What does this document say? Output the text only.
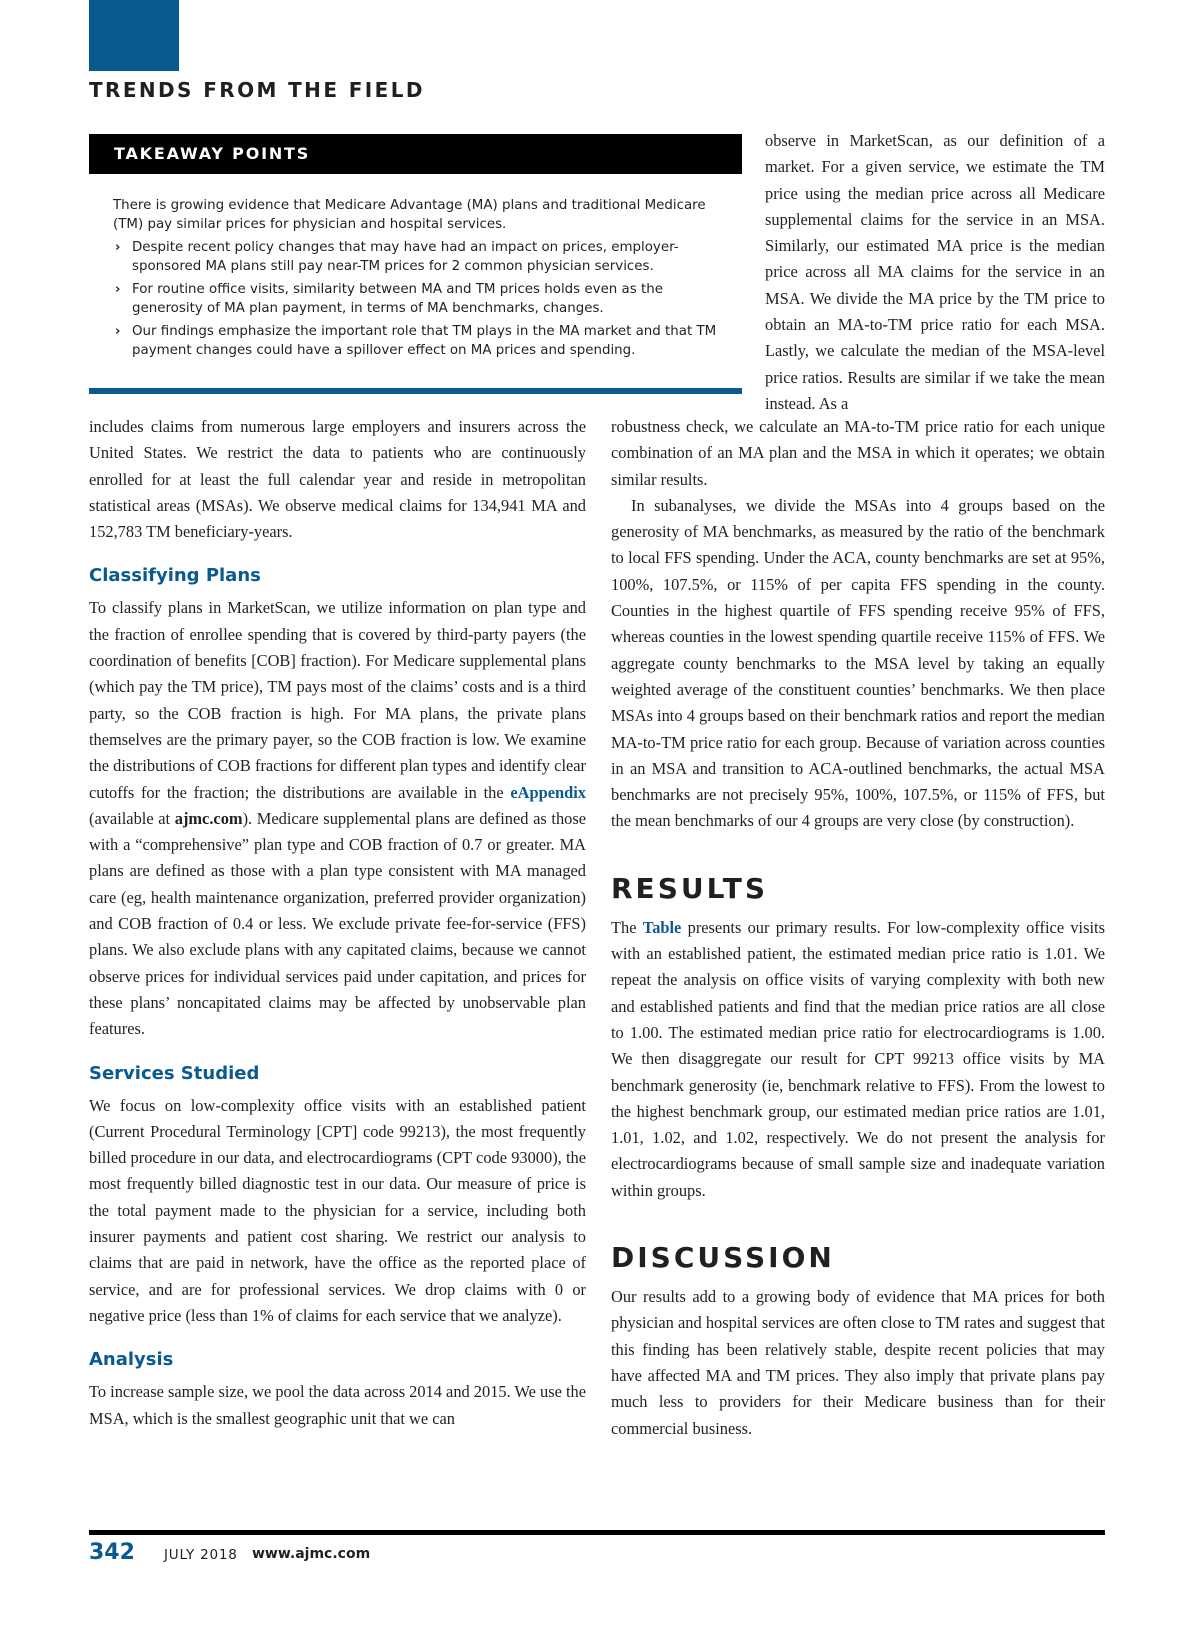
TRENDS FROM THE FIELD
TAKEAWAY POINTS

There is growing evidence that Medicare Advantage (MA) plans and traditional Medicare (TM) pay similar prices for physician and hospital services.

› Despite recent policy changes that may have had an impact on prices, employer-sponsored MA plans still pay near-TM prices for 2 common physician services.
› For routine office visits, similarity between MA and TM prices holds even as the generosity of MA plan payment, in terms of MA benchmarks, changes.
› Our findings emphasize the important role that TM plays in the MA market and that TM payment changes could have a spillover effect on MA prices and spending.

observe in MarketScan, as our definition of a market. For a given service, we estimate the TM price using the median price across all Medicare supplemental claims for the service in an MSA. Similarly, our estimated MA price is the median price across all MA claims for the service in an MSA. We divide the MA price by the TM price to obtain an MA-to-TM price ratio for each MSA. Lastly, we calculate the median of the MSA-level price ratios. Results are similar if we take the mean instead. As a

includes claims from numerous large employers and insurers across the United States. We restrict the data to patients who are continuously enrolled for at least the full calendar year and reside in metropolitan statistical areas (MSAs). We observe medical claims for 134,941 MA and 152,783 TM beneficiary-years.

Classifying Plans

To classify plans in MarketScan, we utilize information on plan type and the fraction of enrollee spending that is covered by third-party payers (the coordination of benefits [COB] fraction). For Medicare supplemental plans (which pay the TM price), TM pays most of the claims’ costs and is a third party, so the COB fraction is high. For MA plans, the private plans themselves are the primary payer, so the COB fraction is low. We examine the distributions of COB fractions for different plan types and identify clear cutoffs for the fraction; the distributions are available in the eAppendix (available at ajmc.com). Medicare supplemental plans are defined as those with a “comprehensive” plan type and COB fraction of 0.7 or greater. MA plans are defined as those with a plan type consistent with MA managed care (eg, health maintenance organization, preferred provider organization) and COB fraction of 0.4 or less. We exclude private fee-for-service (FFS) plans. We also exclude plans with any capitated claims, because we cannot observe prices for individual services paid under capitation, and prices for these plans’ noncapitated claims may be affected by unobservable plan features.

Services Studied

We focus on low-complexity office visits with an established patient (Current Procedural Terminology [CPT] code 99213), the most frequently billed procedure in our data, and electrocardiograms (CPT code 93000), the most frequently billed diagnostic test in our data. Our measure of price is the total payment made to the physician for a service, including both insurer payments and patient cost sharing. We restrict our analysis to claims that are paid in network, have the office as the reported place of service, and are for professional services. We drop claims with 0 or negative price (less than 1% of claims for each service that we analyze).

Analysis

To increase sample size, we pool the data across 2014 and 2015. We use the MSA, which is the smallest geographic unit that we can

robustness check, we calculate an MA-to-TM price ratio for each unique combination of an MA plan and the MSA in which it operates; we obtain similar results.

In subanalyses, we divide the MSAs into 4 groups based on the generosity of MA benchmarks, as measured by the ratio of the benchmark to local FFS spending. Under the ACA, county benchmarks are set at 95%, 100%, 107.5%, or 115% of per capita FFS spending in the county. Counties in the highest quartile of FFS spending receive 95% of FFS, whereas counties in the lowest spending quartile receive 115% of FFS. We aggregate county benchmarks to the MSA level by taking an equally weighted average of the constituent counties’ benchmarks. We then place MSAs into 4 groups based on their benchmark ratios and report the median MA-to-TM price ratio for each group. Because of variation across counties in an MSA and transition to ACA-outlined benchmarks, the actual MSA benchmarks are not precisely 95%, 100%, 107.5%, or 115% of FFS, but the mean benchmarks of our 4 groups are very close (by construction).

RESULTS

The Table presents our primary results. For low-complexity office visits with an established patient, the estimated median price ratio is 1.01. We repeat the analysis on office visits of varying complexity with both new and established patients and find that the median price ratios are all close to 1.00. The estimated median price ratio for electrocardiograms is 1.00. We then disaggregate our result for CPT 99213 office visits by MA benchmark generosity (ie, benchmark relative to FFS). From the lowest to the highest benchmark group, our estimated median price ratios are 1.01, 1.01, 1.02, and 1.02, respectively. We do not present the analysis for electrocardiograms because of small sample size and inadequate variation within groups.

DISCUSSION

Our results add to a growing body of evidence that MA prices for both physician and hospital services are often close to TM rates and suggest that this finding has been relatively stable, despite recent policies that may have affected MA and TM prices. They also imply that private plans pay much less to providers for their Medicare business than for their commercial business.

342 JULY 2018 www.ajmc.com
